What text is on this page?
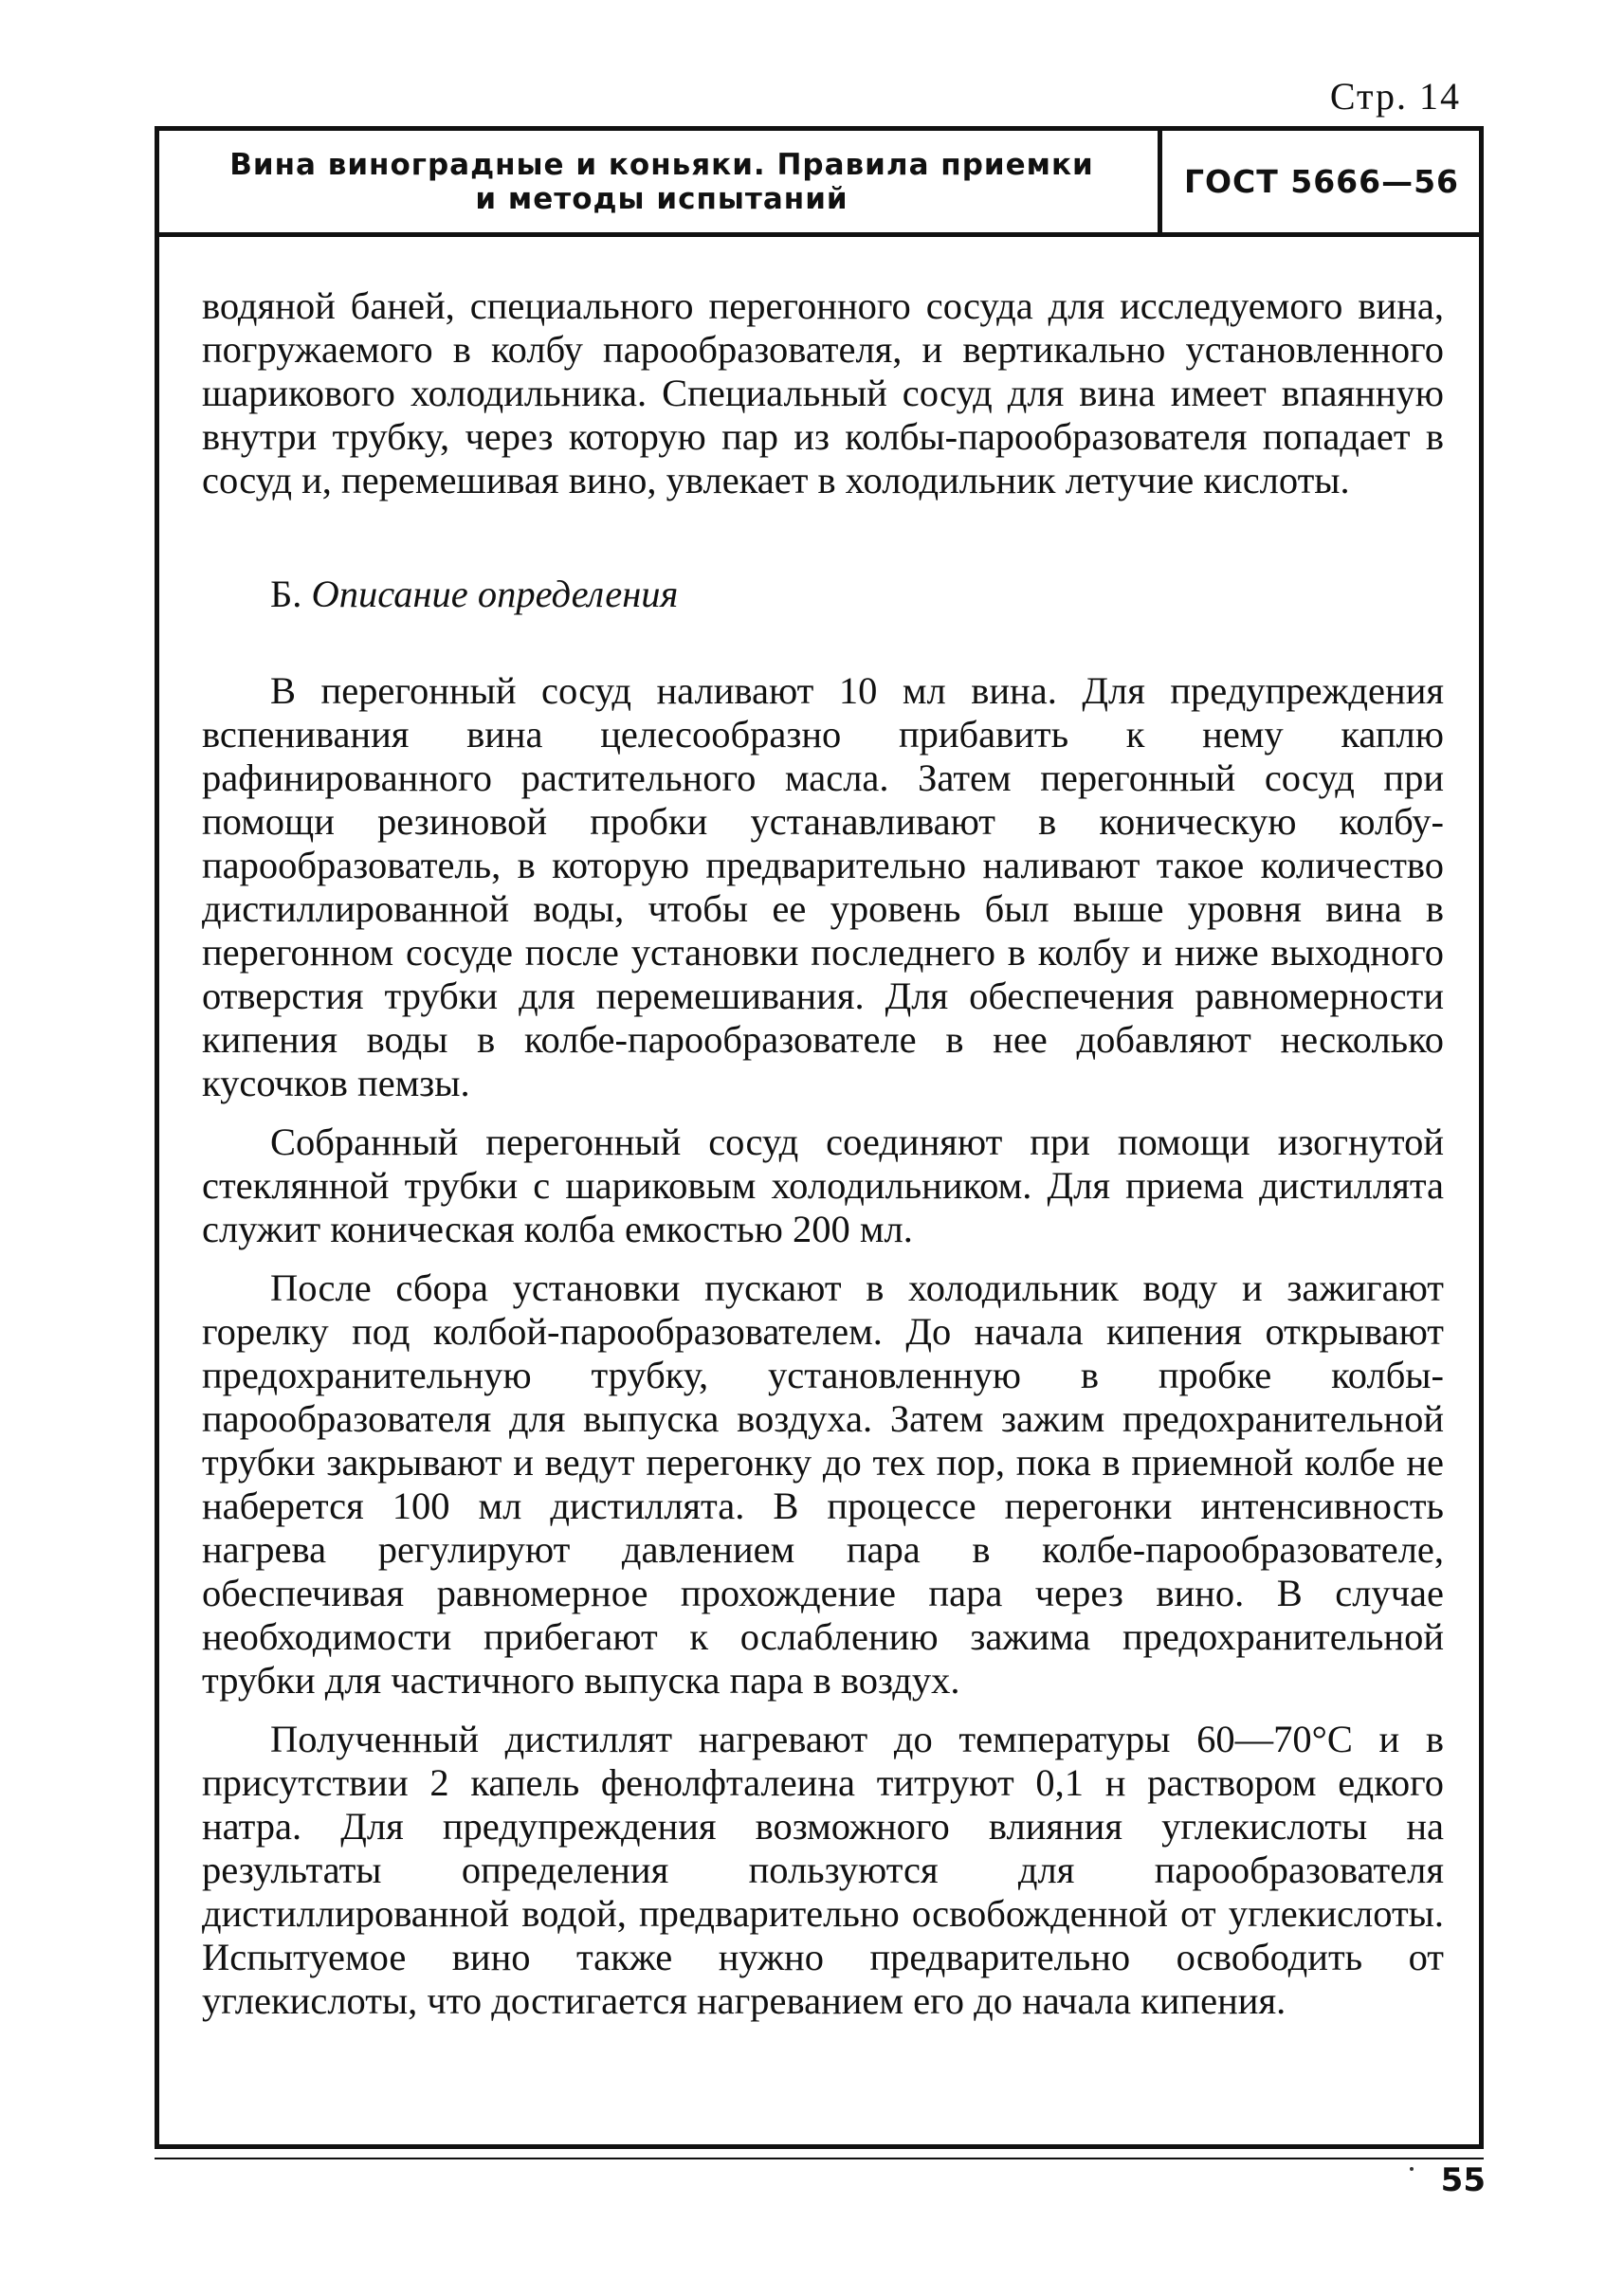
Стр. 14
Вина виноградные и коньяки. Правила приемки
и методы испытаний	ГОСТ 5666—56

водяной баней, специального перегонного сосуда для исследуемого вина, погружаемого в колбу парообразователя, и вертикально установленного шарикового холодильника. Специальный сосуд для вина имеет впаянную внутри трубку, через которую пар из колбы-парообразователя попадает в сосуд и, перемешивая вино, увлекает в холодильник летучие кислоты.

Б. Описание определения

В перегонный сосуд наливают 10 мл вина. Для предупреждения вспенивания вина целесообразно прибавить к нему каплю рафинированного растительного масла. Затем перегонный сосуд при помощи резиновой пробки устанавливают в коническую колбу-парообразователь, в которую предварительно наливают такое количество дистиллированной воды, чтобы ее уровень был выше уровня вина в перегонном сосуде после установки последнего в колбу и ниже выходного отверстия трубки для перемешивания. Для обеспечения равномерности кипения воды в колбе-парообразователе в нее добавляют несколько кусочков пемзы.

Собранный перегонный сосуд соединяют при помощи изогнутой стеклянной трубки с шариковым холодильником. Для приема дистиллята служит коническая колба емкостью 200 мл.

После сбора установки пускают в холодильник воду и зажигают горелку под колбой-парообразователем. До начала кипения открывают предохранительную трубку, установленную в пробке колбы-парообразователя для выпуска воздуха. Затем зажим предохранительной трубки закрывают и ведут перегонку до тех пор, пока в приемной колбе не наберется 100 мл дистиллята. В процессе перегонки интенсивность нагрева регулируют давлением пара в колбе-парообразователе, обеспечивая равномерное прохождение пара через вино. В случае необходимости прибегают к ослаблению зажима предохранительной трубки для частичного выпуска пара в воздух.

Полученный дистиллят нагревают до температуры 60—70°С и в присутствии 2 капель фенолфталеина титруют 0,1 н раствором едкого натра. Для предупреждения возможного влияния углекислоты на результаты определения пользуются для парообразователя дистиллированной водой, предварительно освобожденной от углекислоты. Испытуемое вино также нужно предварительно освободить от углекислоты, что достигается нагреванием его до начала кипения.

55
